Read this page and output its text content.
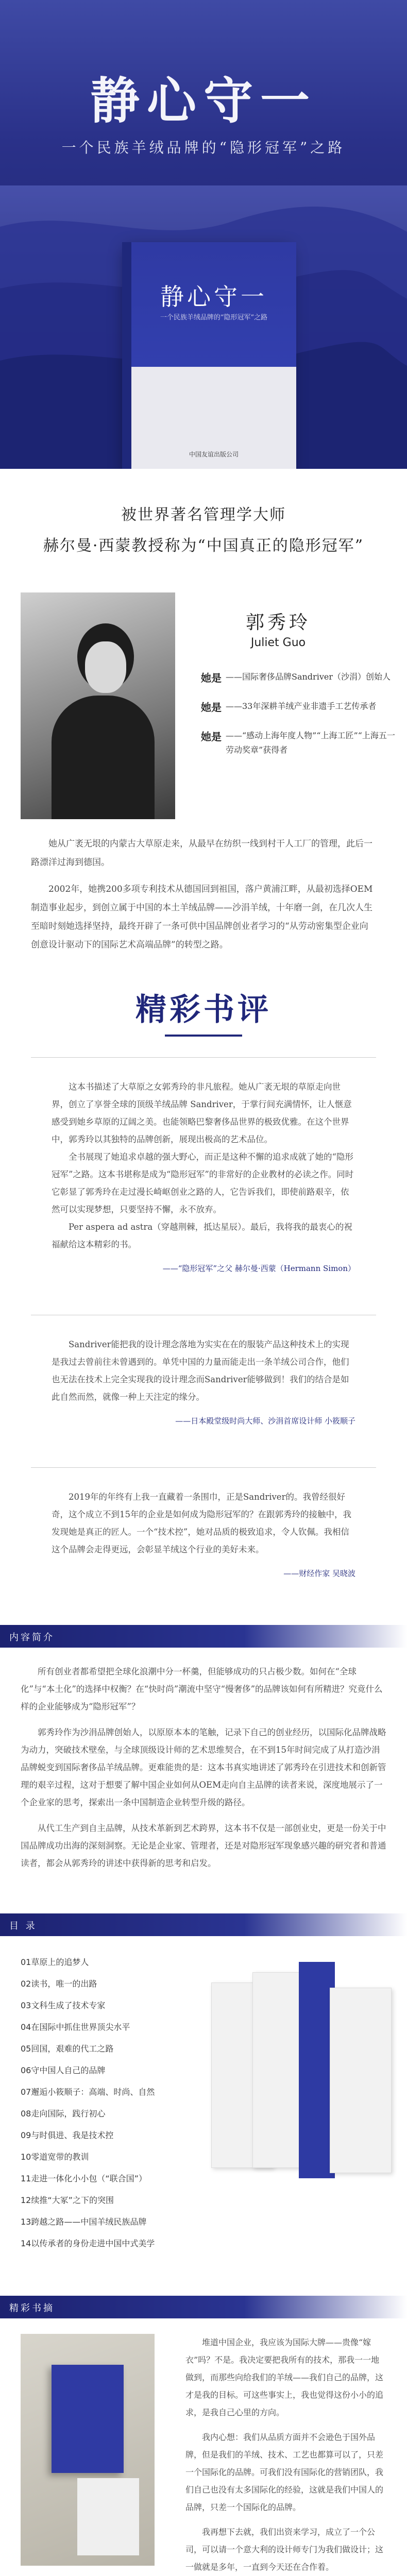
静心守一
一个民族羊绒品牌的“隐形冠军”之路
静心守一
一个民族羊绒品牌的“隐形冠军”之路
中国友谊出版公司
被世界著名管理学大师
赫尔曼·西蒙教授称为“中国真正的隐形冠军”
郭秀玲
Juliet Guo
她是 ——国际奢侈品牌Sandriver（沙涓）创始人
她是 ——33年深耕羊绒产业非遗手工艺传承者
她是 ——“感动上海年度人物”“上海工匠”“上海五一劳动奖章”获得者

她从广袤无垠的内蒙古大草原走来，从最早在纺织一线到村干人工厂的管理，此后一路漂洋过海到德国。

2002年，她携200多项专利技术从德国回到祖国，落户黄浦江畔，从最初选择OEM制造事业起步，到创立属于中国的本土羊绒品牌——沙涓羊绒，十年磨一剑，在几次人生至暗时刻她选择坚持，最终开辟了一条可供中国品牌创业者学习的“从劳动密集型企业向创意设计驱动下的国际艺术高端品牌”的转型之路。

精彩书评

这本书描述了大草原之女郭秀玲的非凡旅程。她从广袤无垠的草原走向世界，创立了享誉全球的顶级羊绒品牌 Sandriver，于掌行间充满情怀，让人惬意感受到她乡草原的辽阔之美。也能领略巴黎奢侈品世界的极致优雅。在这个世界中，郭秀玲以其独特的品牌创新，展现出极高的艺术品位。

全书展现了她追求卓越的强大野心，而正是这种不懈的追求成就了她的“隐形冠军”之路。这本书堪称是成为“隐形冠军”的非常好的企业教材的必读之作。同时它彰显了郭秀玲在走过漫长崎岖创业之路的人，它告诉我们，即使前路艰辛，依然可以实现梦想，只要坚持不懈，永不放弃。

Per aspera ad astra（穿越荆棘，抵达星辰）。最后，我将我的最衷心的祝福献给这本精彩的书。

——“隐形冠军”之父 赫尔曼·西蒙（Hermann Simon）

Sandriver能把我的设计理念落地为实实在在的服装产品这种技术上的实现是我过去曾前往未曾遇到的。单凭中国的力量而能走出一条羊绒公司合作，他们也无法在技术上完全实现我的设计理念而Sandriver能够做到！我们的结合是如此自然而然，就像一种上天注定的缘分。

——日本殿堂级时尚大师、沙涓首席设计师 小筱顺子

2019年的年终有上我一直藏着一条围巾，正是Sandriver的。我曾经很好奇，这个成立不到15年的企业是如何成为隐形冠军的？在跟郭秀玲的接触中，我发现她是真正的匠人。一个“技术控”，她对品质的极致追求，令人钦佩。我相信这个品牌会走得更远，会彰显羊绒这个行业的美好未来。

——财经作家 吴晓波
内容简介

所有创业者都希望把全球化浪潮中分一杯羹，但能够成功的只占极少数。如何在“全球化”与“本土化”的选择中权衡？在“快时尚”潮流中坚守“慢奢侈”的品牌该如何有所精进？究竟什么样的企业能够成为“隐形冠军”？

郭秀玲作为沙涓品牌创始人，以原原本本的笔触，记录下自己的创业经历，以国际化品牌战略为动力，突破技术壁垒，与全球顶级设计师的艺术思维契合，在不到15年时间完成了从打造沙涓品牌蜕变到国际奢侈品羊绒品牌。更难能贵的是：这本书真实地讲述了郭秀玲在引进技术和创新管理的艰辛过程，这对于想要了解中国企业如何从OEM走向自主品牌的读者来说，深度地展示了一个企业家的思考，探索出一条中国制造企业转型升级的路径。

从代工生产到自主品牌，从技术革新到艺术跨界，这本书不仅是一部创业史，更是一份关于中国品牌成功出海的深刻洞察。无论是企业家、管理者，还是对隐形冠军现象感兴趣的研究者和普通读者，都会从郭秀玲的讲述中获得新的思考和启发。

目 录
01草原上的追梦人
02读书，唯一的出路
03文科生成了技术专家
04在国际中抓住世界顶尖水平
05回国，艰难的代工之路
06守中国人自己的品牌
07邂逅小筱顺子：高端、时尚、自然
08走向国际，践行初心
09与时俱进、我是技术控
10零道宽带的教训
11走进一体化小小包（“联合国”）
12续推“大冢”之下的突围
13跨越之路——中国羊绒民族品牌
14以传承者的身份走进中国中式美学
精彩书摘

堆道中国企业，我应该为国际大牌——贵像“嫁衣”吗？不是。我决定要把我所有的技术，那我一一地做到，而那些向给我们的羊绒——我们自己的品牌，这才是我的目标。可这些事实上，我也觉得这份小小的追求，是我自己心里的方向。

我内心想：我们从品质方面并不会逊色于国外品牌，但是我们的羊绒、技术、工艺也都算可以了，只差一个国际化的品牌。可我们没有国际化的营销团队，我们自己也没有太多国际化的经验，这就是我们中国人的品牌，只差一个国际化的品牌。

我再想下去就，我们出资来学习，成立了一个公司，可以请一个意大利的设计师专门为我们做设计；这一做就是多年，一直到今天还在合作着。
